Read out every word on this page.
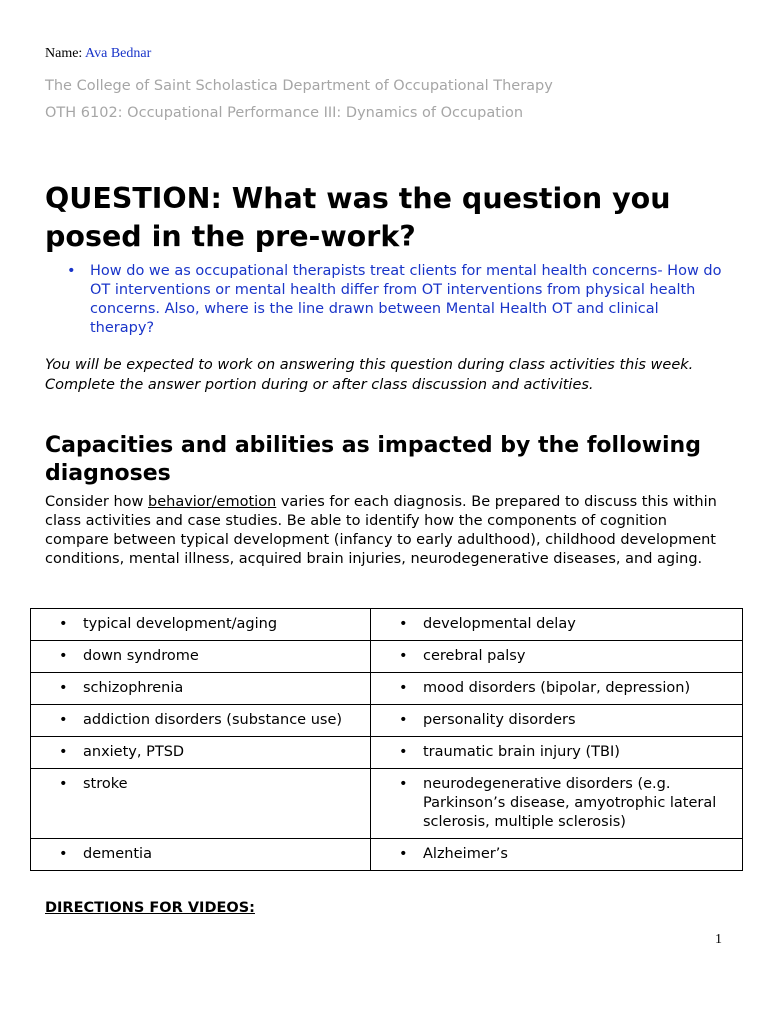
Name: Ava Bednar
The College of Saint Scholastica Department of Occupational Therapy
OTH 6102: Occupational Performance III: Dynamics of Occupation
QUESTION: What was the question you posed in the pre-work?
• How do we as occupational therapists treat clients for mental health concerns- How do OT interventions or mental health differ from OT interventions from physical health concerns. Also, where is the line drawn between Mental Health OT and clinical therapy?

You will be expected to work on answering this question during class activities this week. Complete the answer portion during or after class discussion and activities.

Capacities and abilities as impacted by the following diagnoses

Consider how behavior/emotion varies for each diagnosis. Be prepared to discuss this within class activities and case studies. Be able to identify how the components of cognition compare between typical development (infancy to early adulthood), childhood development conditions, mental illness, acquired brain injuries, neurodegenerative diseases, and aging.

• typical development/aging	• developmental delay

• down syndrome	• cerebral palsy

• schizophrenia	• mood disorders (bipolar, depression)

• addiction disorders (substance use)	• personality disorders

• anxiety, PTSD	• traumatic brain injury (TBI)

• stroke	• neurodegenerative disorders (e.g. Parkinson’s disease, amyotrophic lateral sclerosis, multiple sclerosis)

• dementia	• Alzheimer’s
DIRECTIONS FOR VIDEOS:
1
